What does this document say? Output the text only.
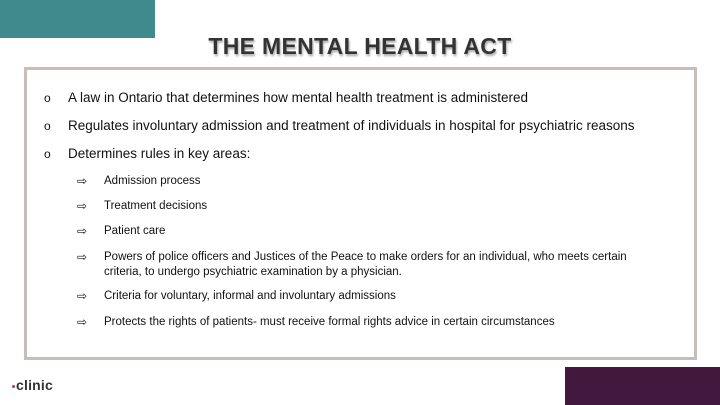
THE MENTAL HEALTH ACT
o A law in Ontario that determines how mental health treatment is administered
o Regulates involuntary admission and treatment of individuals in hospital for psychiatric reasons
o Determines rules in key areas:
⇨ Admission process
⇨ Treatment decisions
⇨ Patient care
⇨ Powers of police officers and Justices of the Peace to make orders for an individual, who meets certain criteria, to undergo psychiatric examination by a physician.
⇨ Criteria for voluntary, informal and involuntary admissions
⇨ Protects the rights of patients- must receive formal rights advice in certain circumstances
clinic
